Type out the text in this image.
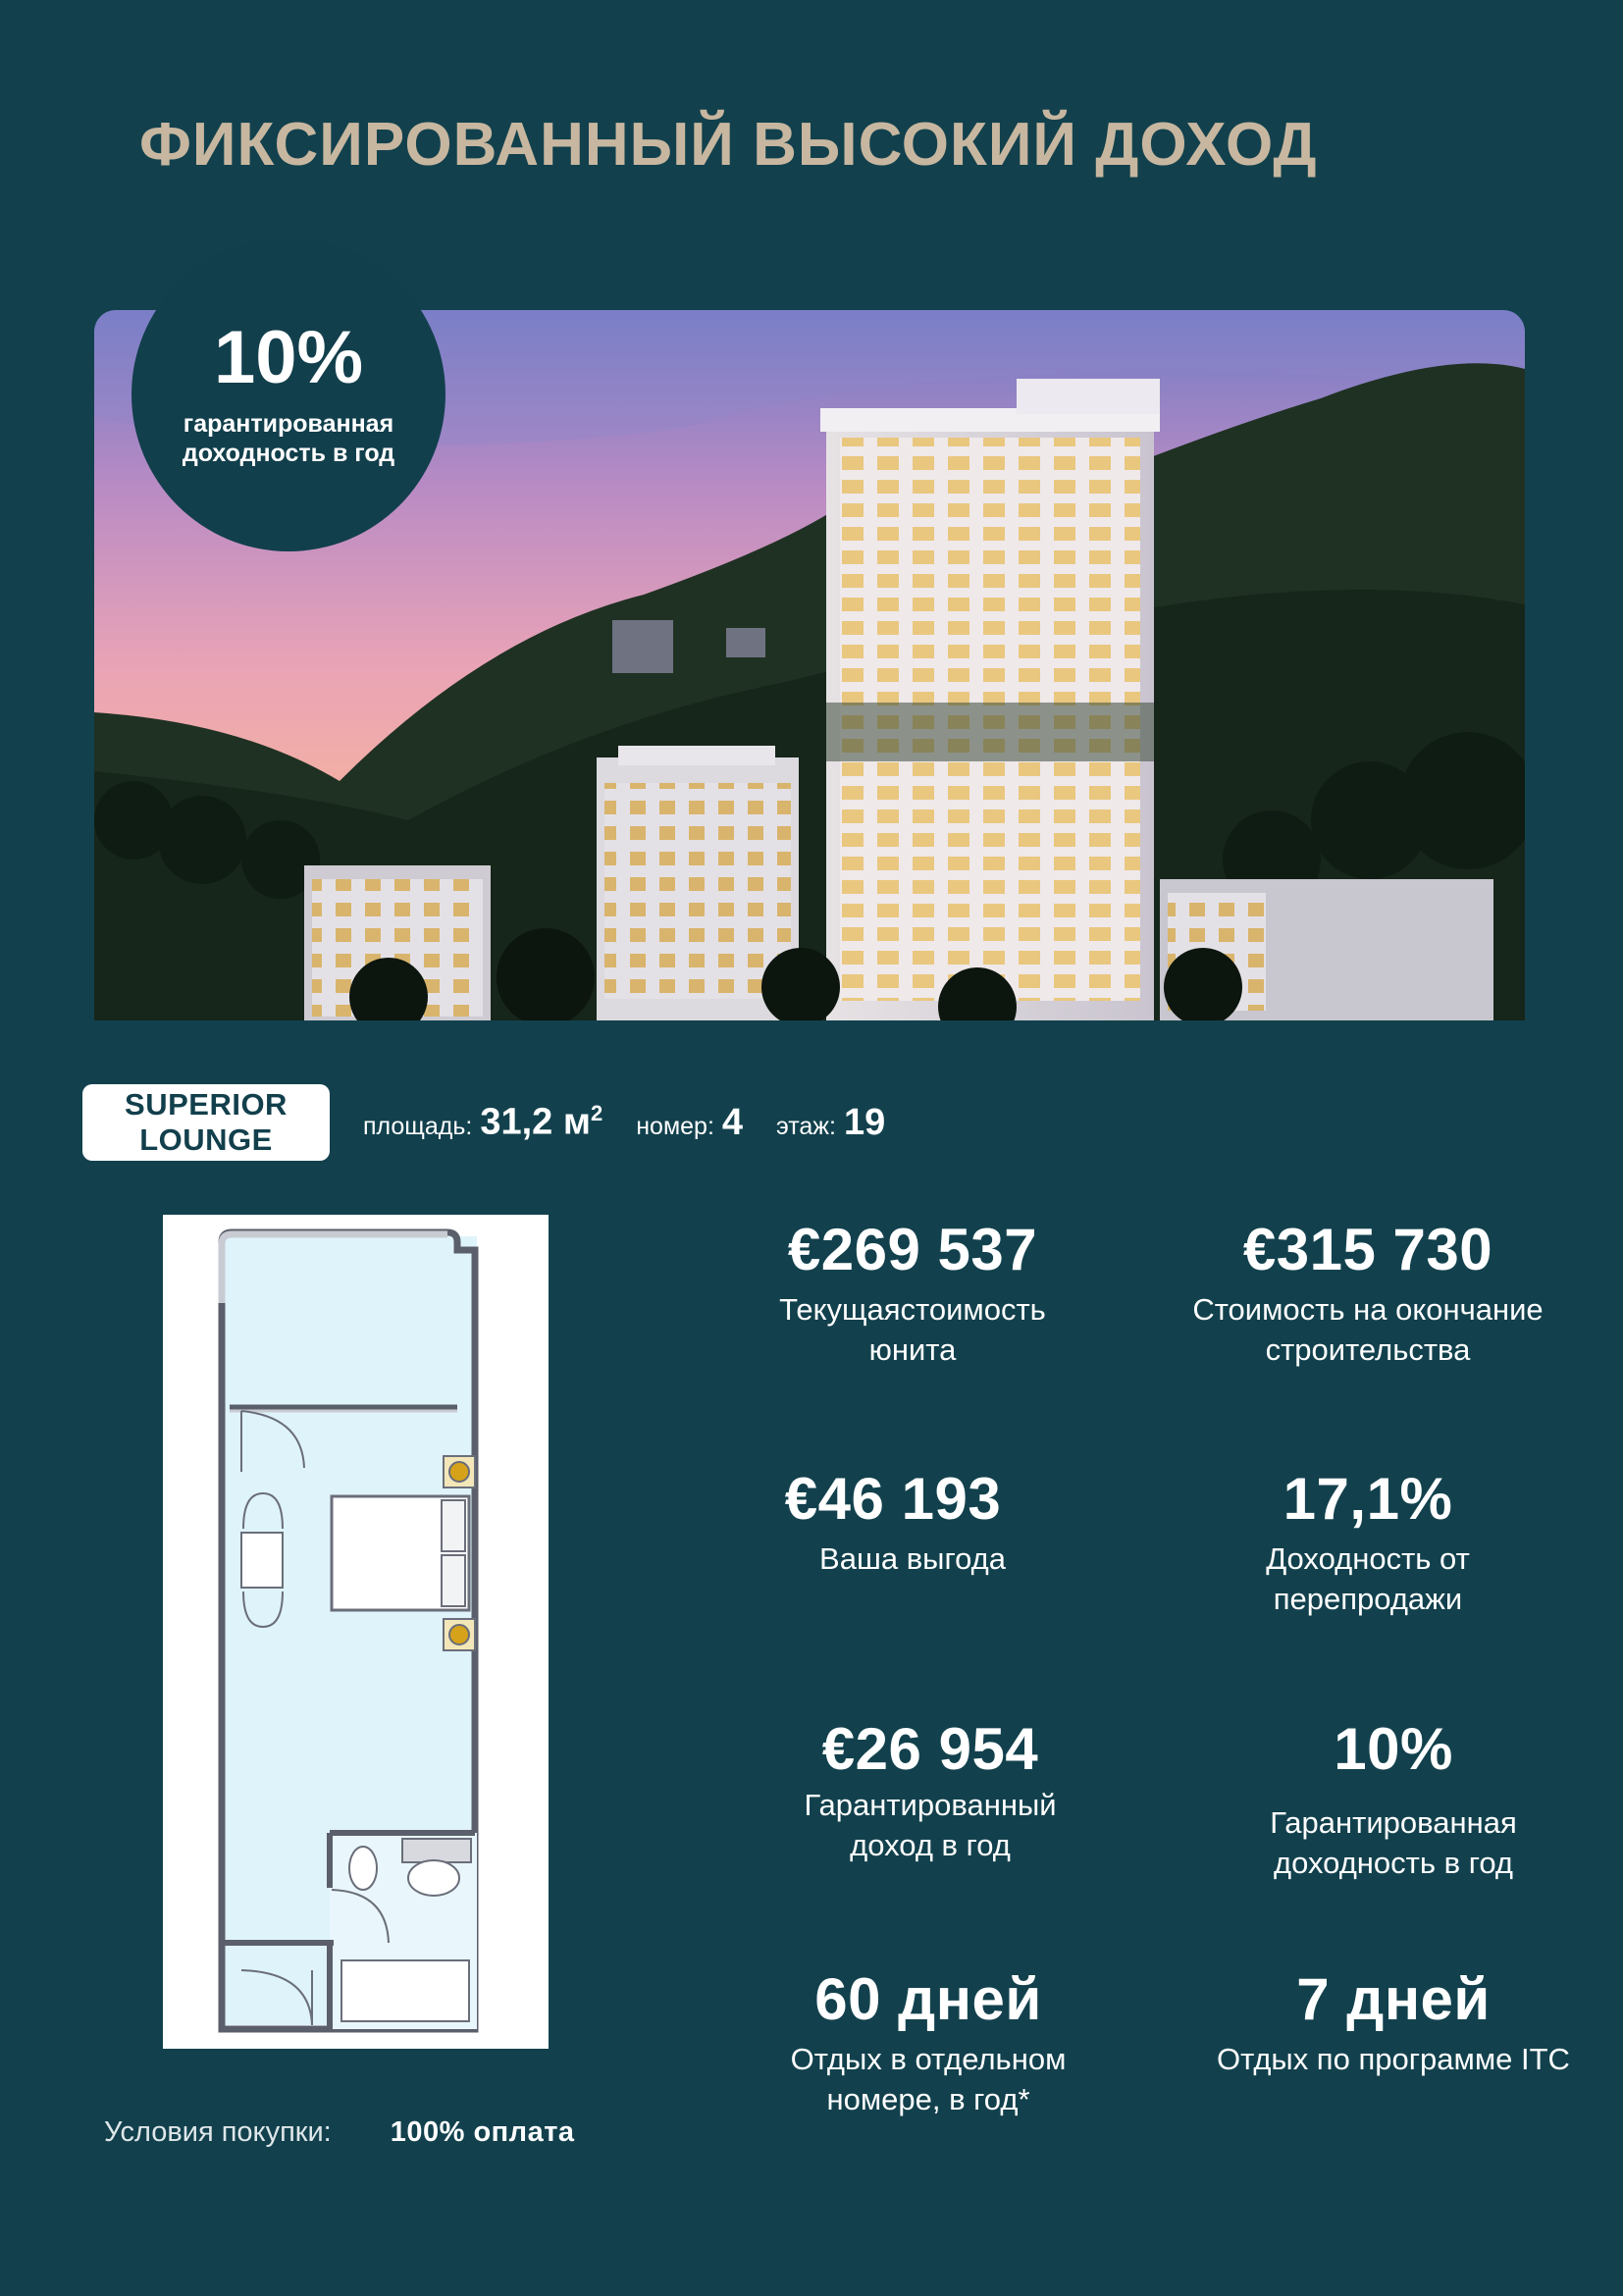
ФИКСИРОВАННЫЙ ВЫСОКИЙ ДОХОД
10%
гарантированная доходность в год
SUPERIOR LOUNGE	площадь: 31,2 $м^2$ номер: 4 этаж: 19
€269 537
Текущаястоимость юнита
€315 730
Стоимость на окончание строительства
€46 193
Ваша выгода
17,1%
Доходность от перепродажи
€26 954
Гарантированный доход в год
10%
Гарантированная доходность в год
60 дней
Отдых в отдельном номере, в год*
7 дней
Отдых по программе ITC
Условия покупки: 100% оплата
